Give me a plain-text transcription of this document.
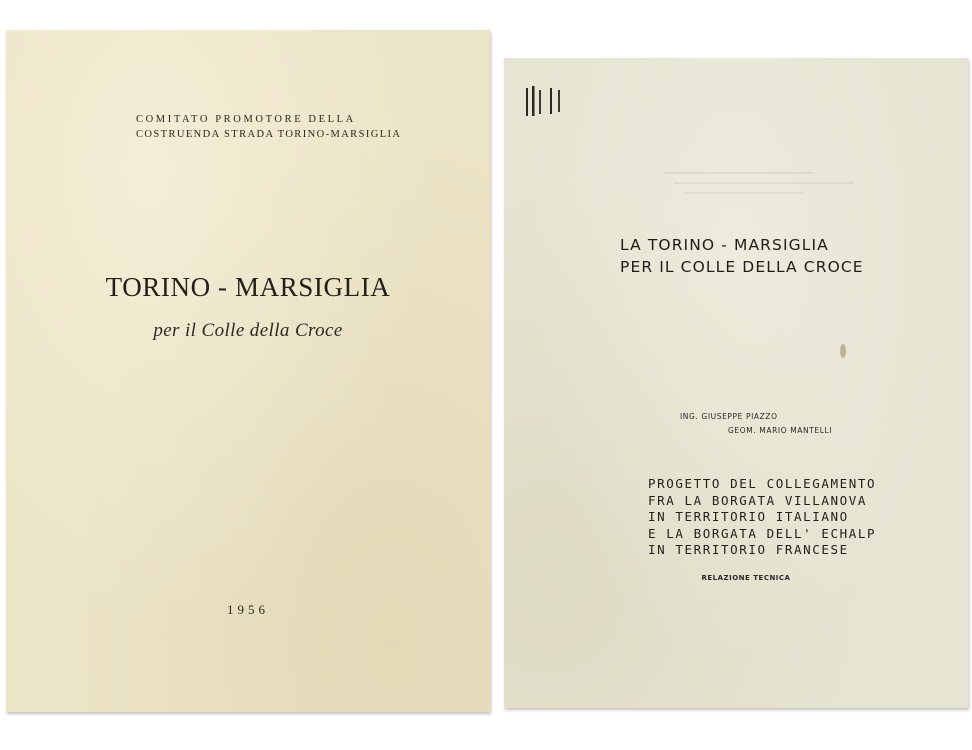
COMITATO PROMOTORE DELLA
COSTRUENDA STRADA TORINO-MARSIGLIA
TORINO - MARSIGLIA
per il Colle della Croce
1956
LA TORINO - MARSIGLIA
PER IL COLLE DELLA CROCE
ING. GIUSEPPE PIAZZO
GEOM. MARIO MANTELLI
PROGETTO DEL COLLEGAMENTO
FRA LA BORGATA VILLANOVA
IN TERRITORIO ITALIANO
E LA BORGATA DELL' ECHALP
IN TERRITORIO FRANCESE
RELAZIONE TECNICA
